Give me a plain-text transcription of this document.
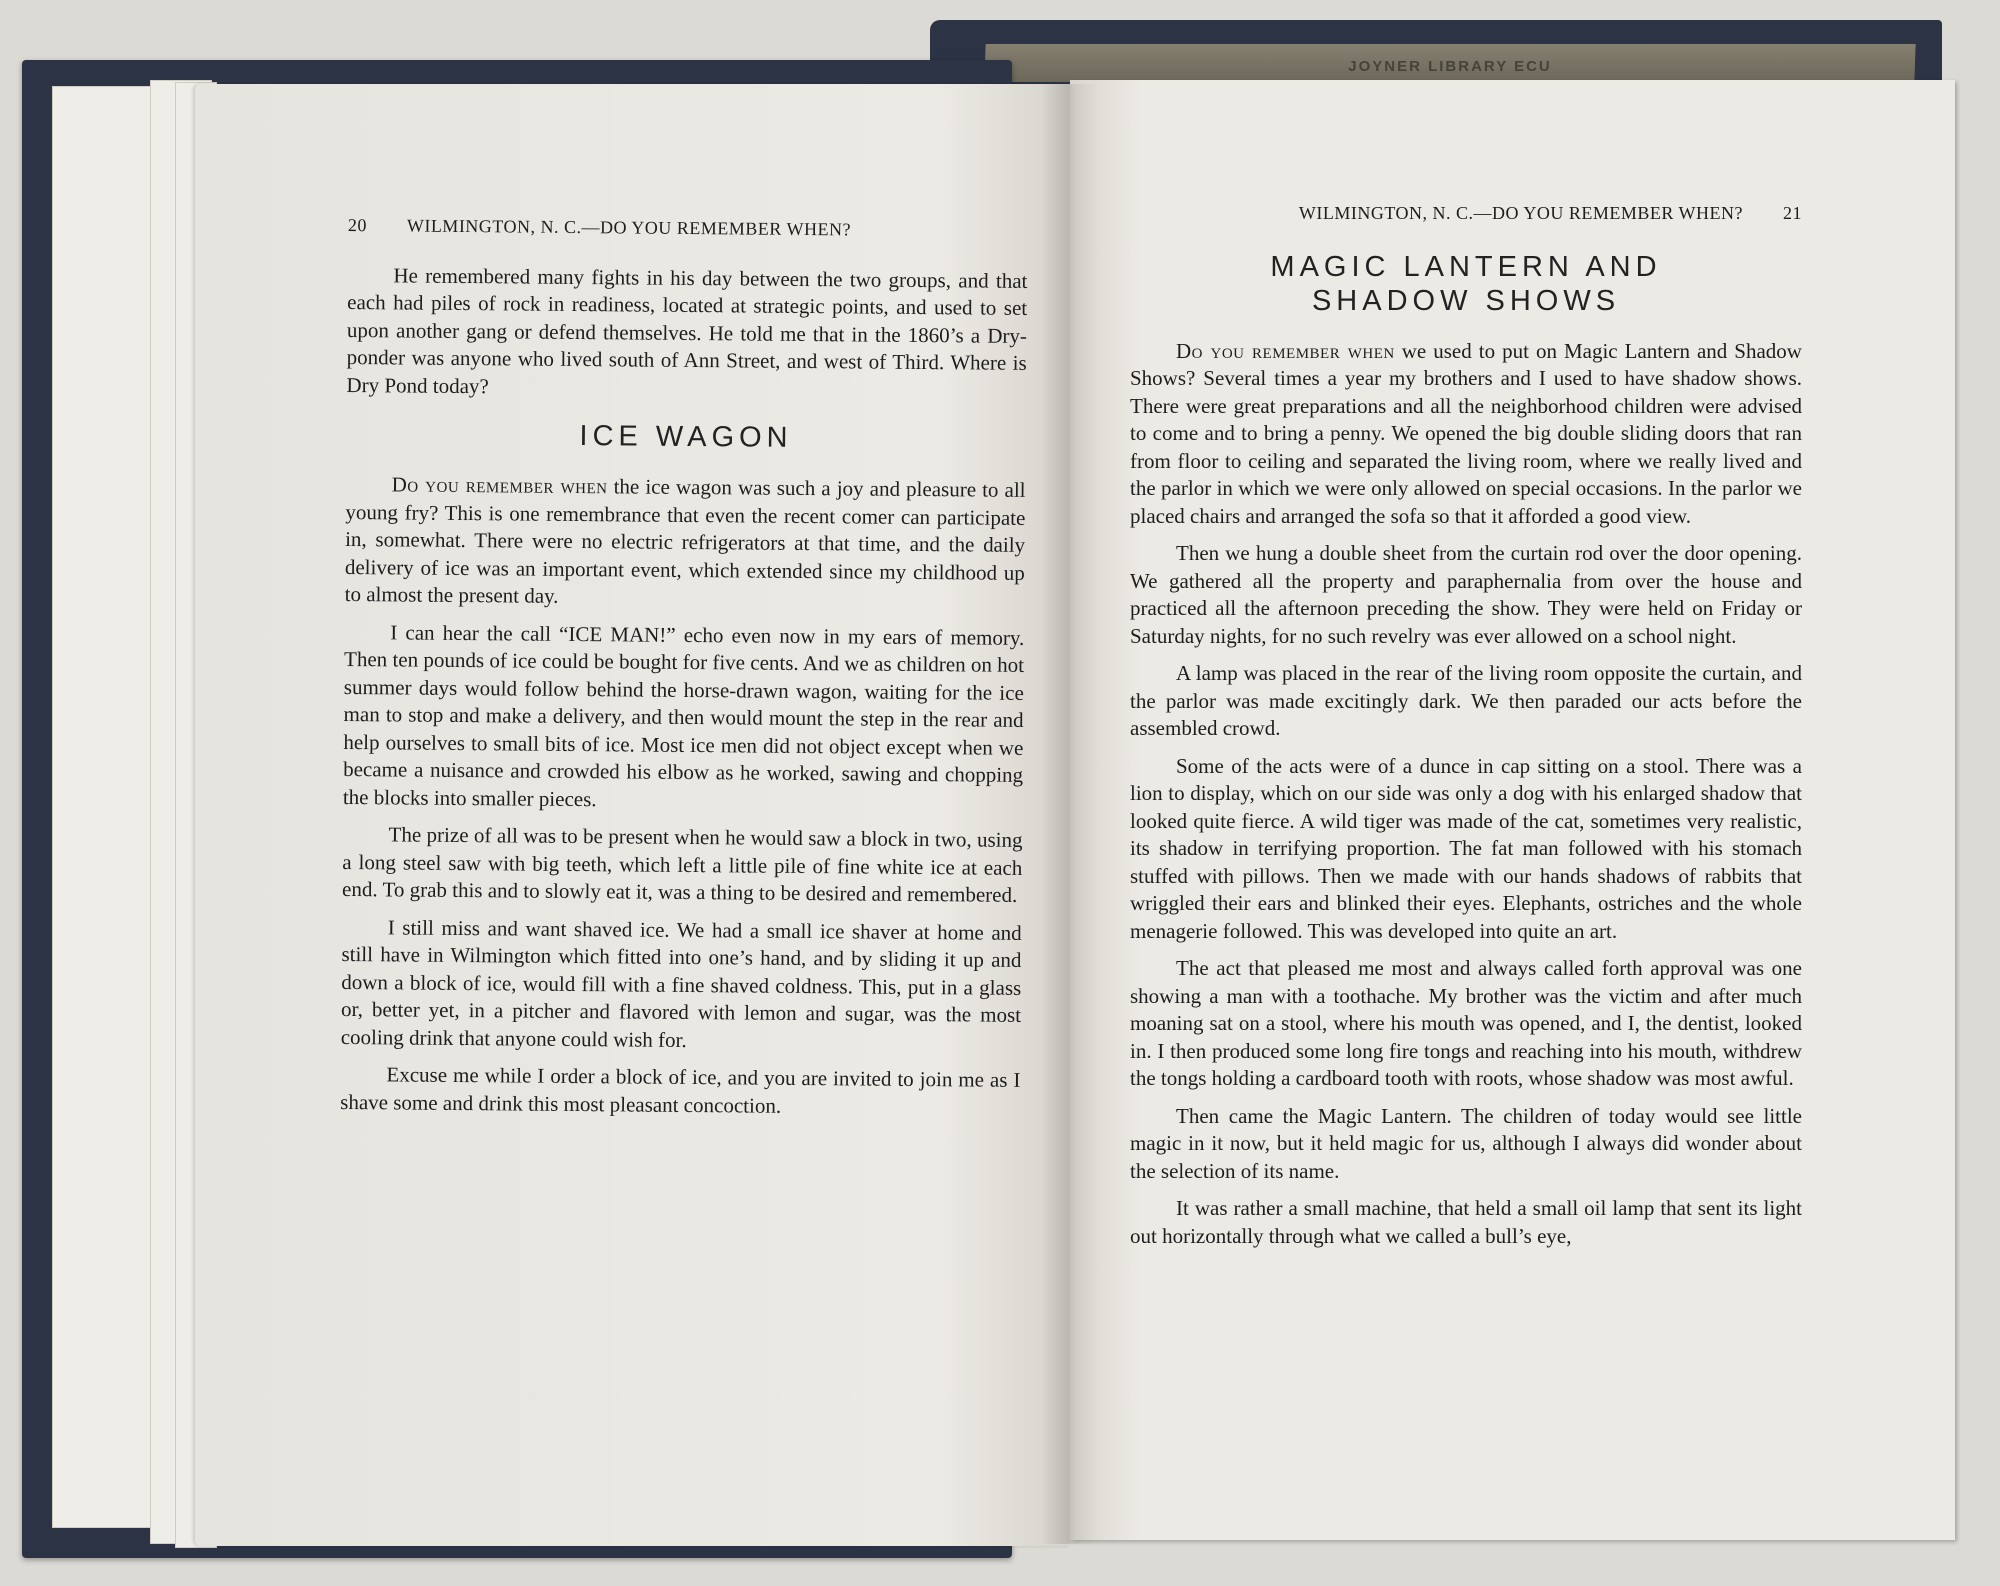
JOYNER LIBRARY ECU
20 WILMINGTON, N. C.—DO YOU REMEMBER WHEN?

He remembered many fights in his day between the two groups, and that each had piles of rock in readiness, located at strategic points, and used to set upon another gang or defend themselves. He told me that in the 1860’s a Dry-ponder was anyone who lived south of Ann Street, and west of Third. Where is Dry Pond today?

ICE WAGON

Do you remember when the ice wagon was such a joy and pleasure to all young fry? This is one remembrance that even the recent comer can participate in, somewhat. There were no electric refrigerators at that time, and the daily delivery of ice was an important event, which extended since my childhood up to almost the present day.

I can hear the call “ICE MAN!” echo even now in my ears of memory. Then ten pounds of ice could be bought for five cents. And we as children on hot summer days would follow behind the horse-drawn wagon, waiting for the ice man to stop and make a delivery, and then would mount the step in the rear and help ourselves to small bits of ice. Most ice men did not object except when we became a nuisance and crowded his elbow as he worked, sawing and chopping the blocks into smaller pieces.

The prize of all was to be present when he would saw a block in two, using a long steel saw with big teeth, which left a little pile of fine white ice at each end. To grab this and to slowly eat it, was a thing to be desired and remembered.

I still miss and want shaved ice. We had a small ice shaver at home and still have in Wilmington which fitted into one’s hand, and by sliding it up and down a block of ice, would fill with a fine shaved coldness. This, put in a glass or, better yet, in a pitcher and flavored with lemon and sugar, was the most cooling drink that anyone could wish for.

Excuse me while I order a block of ice, and you are invited to join me as I shave some and drink this most pleasant concoction.

WILMINGTON, N. C.—DO YOU REMEMBER WHEN? 21
MAGIC LANTERN AND
SHADOW SHOWS

Do you remember when we used to put on Magic Lantern and Shadow Shows? Several times a year my brothers and I used to have shadow shows. There were great preparations and all the neighborhood children were advised to come and to bring a penny. We opened the big double sliding doors that ran from floor to ceiling and separated the living room, where we really lived and the parlor in which we were only allowed on special occasions. In the parlor we placed chairs and arranged the sofa so that it afforded a good view.

Then we hung a double sheet from the curtain rod over the door opening. We gathered all the property and paraphernalia from over the house and practiced all the afternoon preceding the show. They were held on Friday or Saturday nights, for no such revelry was ever allowed on a school night.

A lamp was placed in the rear of the living room opposite the curtain, and the parlor was made excitingly dark. We then paraded our acts before the assembled crowd.

Some of the acts were of a dunce in cap sitting on a stool. There was a lion to display, which on our side was only a dog with his enlarged shadow that looked quite fierce. A wild tiger was made of the cat, sometimes very realistic, its shadow in terrifying proportion. The fat man followed with his stomach stuffed with pillows. Then we made with our hands shadows of rabbits that wriggled their ears and blinked their eyes. Elephants, ostriches and the whole menagerie followed. This was developed into quite an art.

The act that pleased me most and always called forth approval was one showing a man with a toothache. My brother was the victim and after much moaning sat on a stool, where his mouth was opened, and I, the dentist, looked in. I then produced some long fire tongs and reaching into his mouth, withdrew the tongs holding a cardboard tooth with roots, whose shadow was most awful.

Then came the Magic Lantern. The children of today would see little magic in it now, but it held magic for us, although I always did wonder about the selection of its name.

It was rather a small machine, that held a small oil lamp that sent its light out horizontally through what we called a bull’s eye,
